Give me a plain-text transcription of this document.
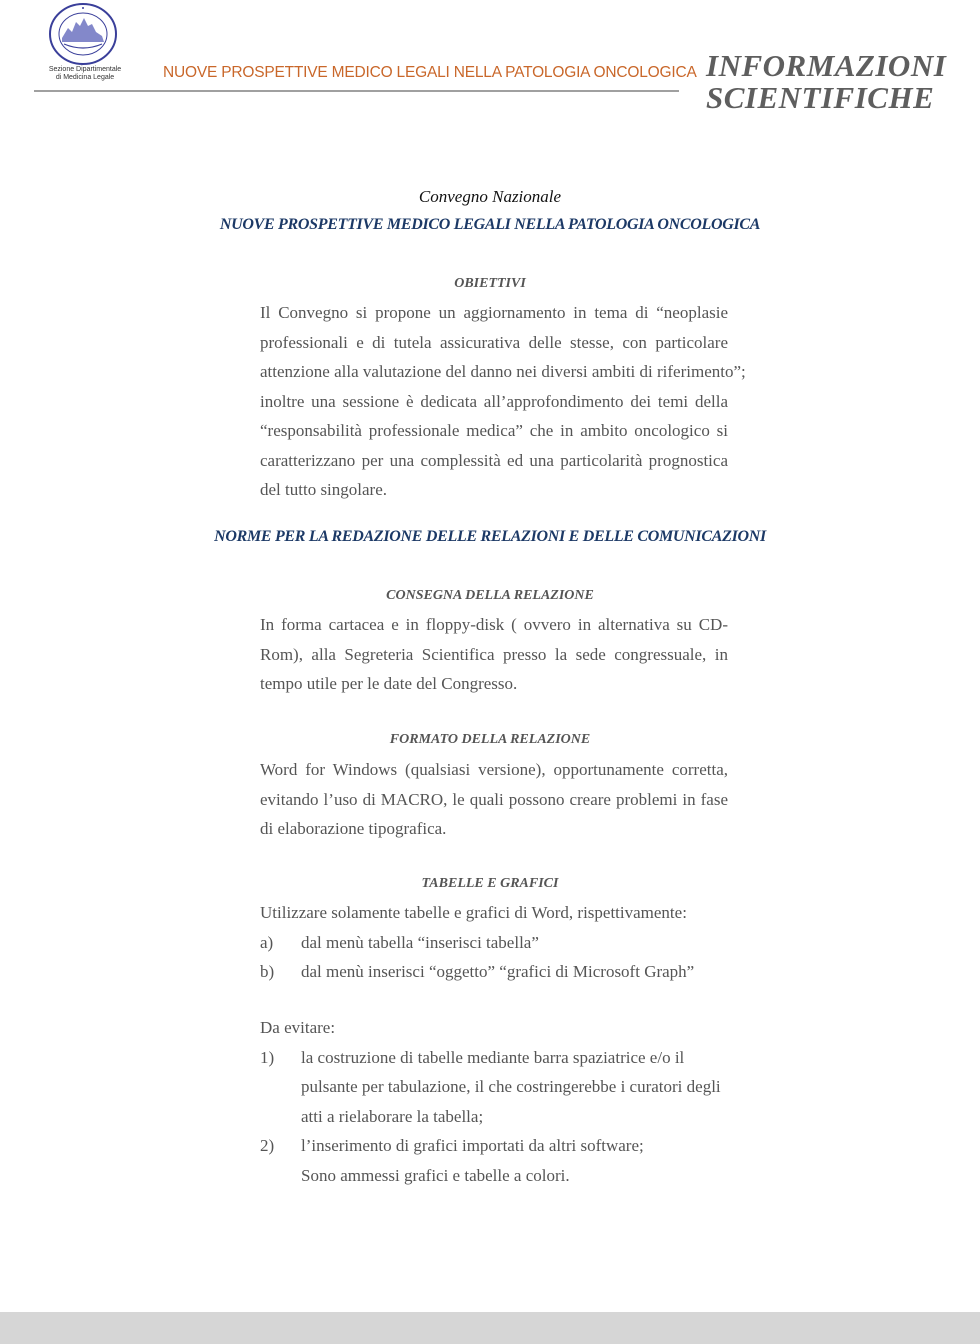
Sezione Dipartimentale
di Medicina Legale	NUOVE PROSPETTIVE MEDICO LEGALI NELLA PATOLOGIA ONCOLOGICA INFORMAZIONI
SCIENTIFICHE
Convegno Nazionale
NUOVE PROSPETTIVE MEDICO LEGALI NELLA PATOLOGIA ONCOLOGICA
OBIETTIVI
Il Convegno si propone un aggiornamento in tema di “neoplasie
professionali e di tutela assicurativa delle stesse, con particolare
attenzione alla valutazione del danno nei diversi ambiti di riferimento”;
inoltre una sessione è dedicata all’approfondimento dei temi della
“responsabilità professionale medica” che in ambito oncologico si
caratterizzano per una complessità ed una particolarità prognostica
del tutto singolare.
NORME PER LA REDAZIONE DELLE RELAZIONI E DELLE COMUNICAZIONI
CONSEGNA DELLA RELAZIONE
In forma cartacea e in floppy-disk ( ovvero in alternativa su CD-
Rom), alla Segreteria Scientifica presso la sede congressuale, in
tempo utile per le date del Congresso.
FORMATO DELLA RELAZIONE
Word for Windows (qualsiasi versione), opportunamente corretta,
evitando l’uso di MACRO, le quali possono creare problemi in fase
di elaborazione tipografica.
TABELLE E GRAFICI
Utilizzare solamente tabelle e grafici di Word, rispettivamente:
a)	dal menù tabella “inserisci tabella”
b)	dal menù inserisci “oggetto” “grafici di Microsoft Graph”
Da evitare:
1)	la costruzione di tabelle mediante barra spaziatrice e/o il
pulsante per tabulazione, il che costringerebbe i curatori degli
atti a rielaborare la tabella;
2)	l’inserimento di grafici importati da altri software;
Sono ammessi grafici e tabelle a colori.
